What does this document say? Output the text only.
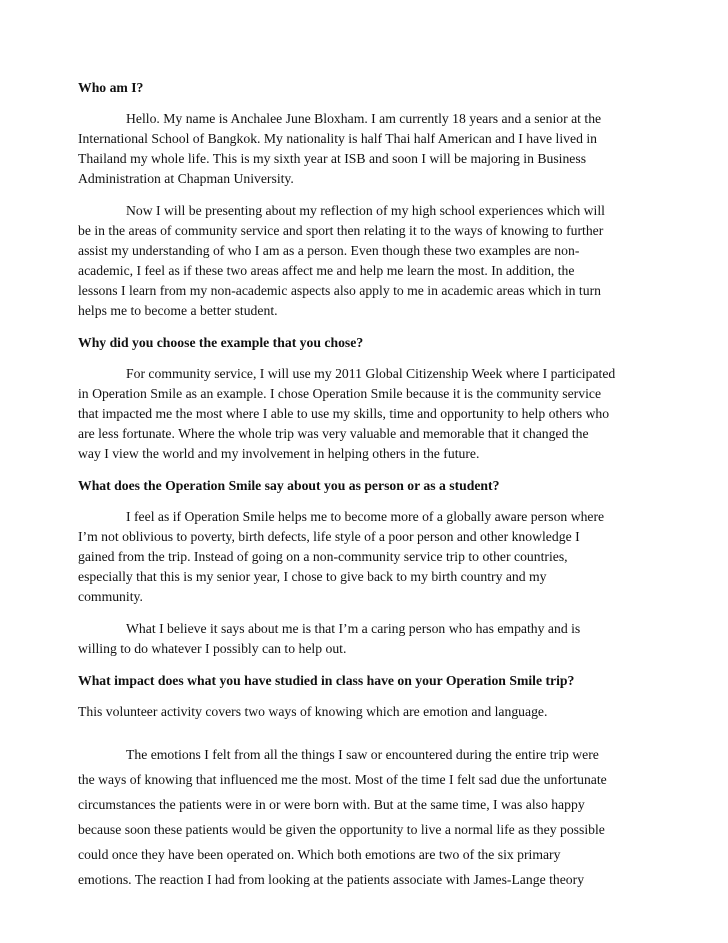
Who am I?
Hello. My name is Anchalee June Bloxham. I am currently 18 years and a senior at the
International School of Bangkok. My nationality is half Thai half American and I have lived in
Thailand my whole life. This is my sixth year at ISB and soon I will be majoring in Business
Administration at Chapman University.
Now I will be presenting about my reflection of my high school experiences which will
be in the areas of community service and sport then relating it to the ways of knowing to further
assist my understanding of who I am as a person. Even though these two examples are non-
academic, I feel as if these two areas affect me and help me learn the most. In addition, the
lessons I learn from my non-academic aspects also apply to me in academic areas which in turn
helps me to become a better student.
Why did you choose the example that you chose?
For community service, I will use my 2011 Global Citizenship Week where I participated
in Operation Smile as an example. I chose Operation Smile because it is the community service
that impacted me the most where I able to use my skills, time and opportunity to help others who
are less fortunate. Where the whole trip was very valuable and memorable that it changed the
way I view the world and my involvement in helping others in the future.
What does the Operation Smile say about you as person or as a student?
I feel as if Operation Smile helps me to become more of a globally aware person where
I’m not oblivious to poverty, birth defects, life style of a poor person and other knowledge I
gained from the trip. Instead of going on a non-community service trip to other countries,
especially that this is my senior year, I chose to give back to my birth country and my
community.
What I believe it says about me is that I’m a caring person who has empathy and is
willing to do whatever I possibly can to help out.
What impact does what you have studied in class have on your Operation Smile trip?
This volunteer activity covers two ways of knowing which are emotion and language.
The emotions I felt from all the things I saw or encountered during the entire trip were
the ways of knowing that influenced me the most. Most of the time I felt sad due the unfortunate
circumstances the patients were in or were born with. But at the same time, I was also happy
because soon these patients would be given the opportunity to live a normal life as they possible
could once they have been operated on. Which both emotions are two of the six primary
emotions. The reaction I had from looking at the patients associate with James-Lange theory
